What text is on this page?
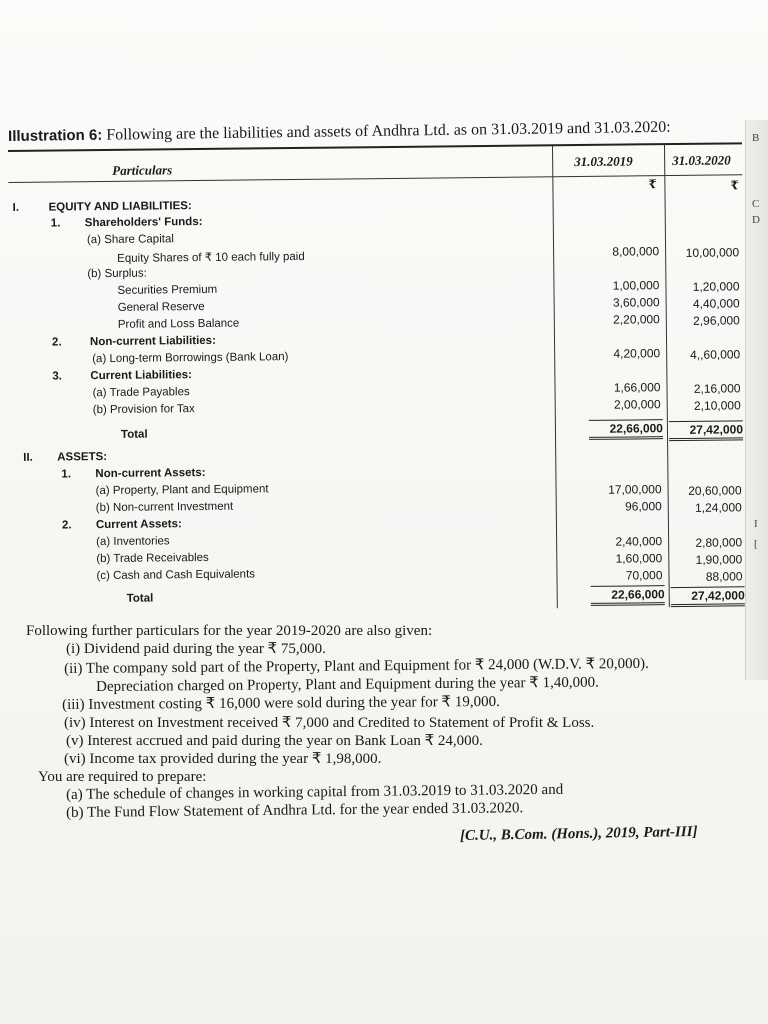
B
C
D
I
[
Illustration 6: Following are the liabilities and assets of Andhra Ltd. as on 31.03.2019 and 31.03.2020:
Particulars
31.03.2019	31.03.2020
₹	₹
I.	EQUITY AND LIABILITIES:
1. Shareholders' Funds:
(a) Share Capital
Equity Shares of ₹ 10 each fully paid	8,00,000 10,00,000
(b) Surplus:
Securities Premium	1,00,000	1,20,000
General Reserve	3,60,000	4,40,000
Profit and Loss Balance	2,20,000	2,96,000
2. Non-current Liabilities:
(a) Long-term Borrowings (Bank Loan)	4,20,000 4,,60,000
3. Current Liabilities:
(a) Trade Payables	1,66,000	2,16,000
(b) Provision for Tax	2,00,000	2,10,000
Total	22,66,000	27,42,000
II. ASSETS:
1. Non-current Assets:
(a) Property, Plant and Equipment	17,00,000 20,60,000
(b) Non-current Investment	96,000	1,24,000
2. Current Assets:
(a) Inventories	2,40,000	2,80,000
(b) Trade Receivables	1,60,000	1,90,000
(c) Cash and Cash Equivalents	70,000	88,000
Total	22,66,000	27,42,000
Following further particulars for the year 2019-2020 are also given:
(i) Dividend paid during the year ₹ 75,000.
(ii) The company sold part of the Property, Plant and Equipment for ₹ 24,000 (W.D.V. ₹ 20,000).
Depreciation charged on Property, Plant and Equipment during the year ₹ 1,40,000.
(iii) Investment costing ₹ 16,000 were sold during the year for ₹ 19,000.
(iv) Interest on Investment received ₹ 7,000 and Credited to Statement of Profit & Loss.
(v) Interest accrued and paid during the year on Bank Loan ₹ 24,000.
(vi) Income tax provided during the year ₹ 1,98,000.
You are required to prepare:
(a) The schedule of changes in working capital from 31.03.2019 to 31.03.2020 and
(b) The Fund Flow Statement of Andhra Ltd. for the year ended 31.03.2020.
[C.U., B.Com. (Hons.), 2019, Part-III]
